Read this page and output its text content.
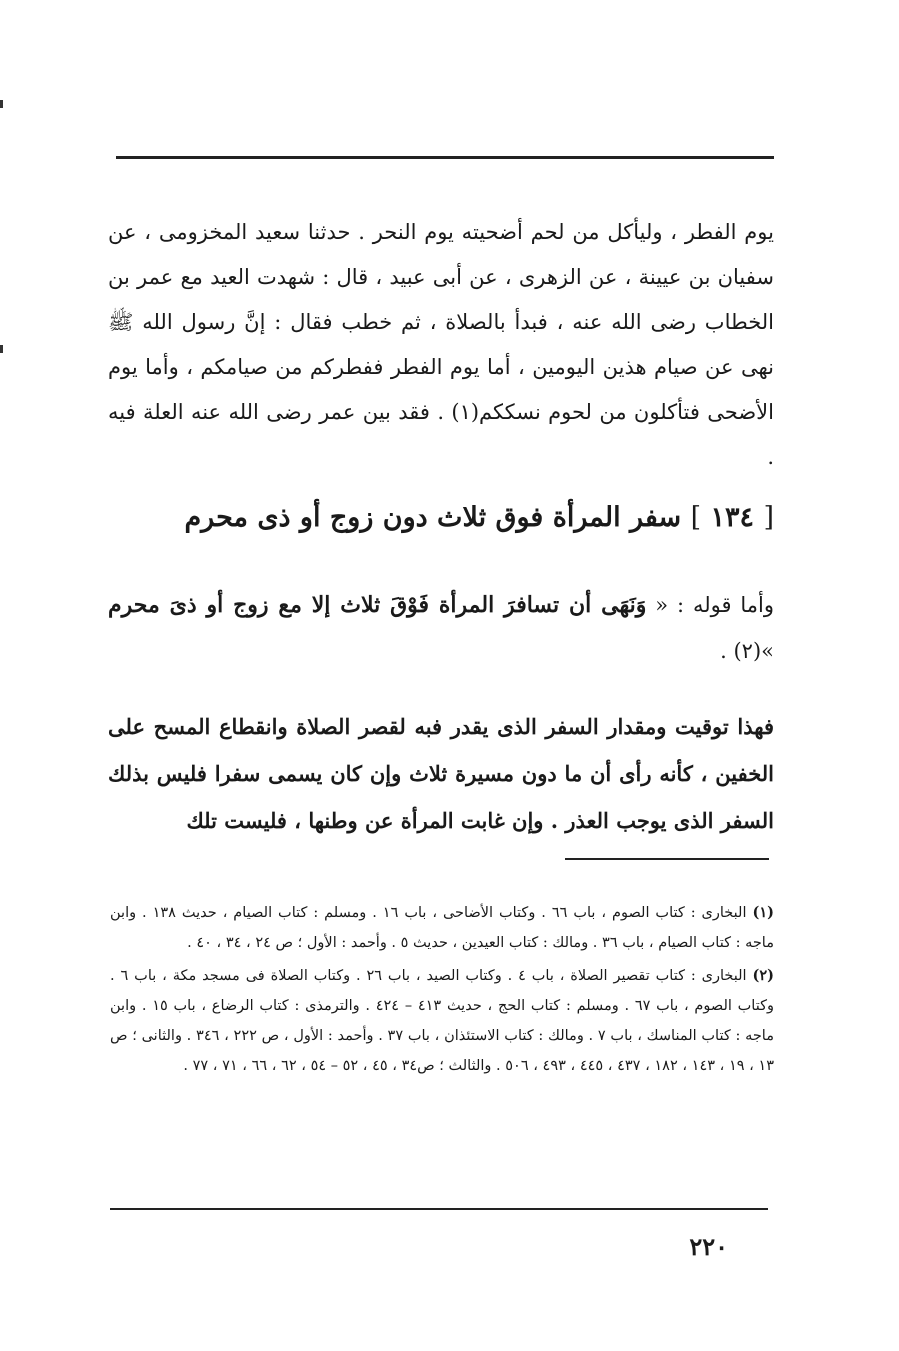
يوم الفطر ، وليأكل من لحم أضحيته يوم النحر . حدثنا سعيد المخزومى ، عن سفيان بن عيينة ، عن الزهرى ، عن أبى عبيد ، قال : شهدت العيد مع عمر بن الخطاب رضى الله عنه ، فبدأ بالصلاة ، ثم خطب فقال : إنَّ رسول الله ﷺ نهى عن صيام هذين اليومين ، أما يوم الفطر ففطركم من صيامكم ، وأما يوم الأضحى فتأكلون من لحوم نسككم(١) . فقد بين عمر رضى الله عنه العلة فيه .

[ ١٣٤ ] سفر المرأة فوق ثلاث دون زوج أو ذى محرم
وأما قوله : « وَنَهَى أن تسافرَ المرأة فَوْقَ ثلاث إلا مع زوج أو ذىَ محرم »(٢) .

فهذا توقيت ومقدار السفر الذى يقدر فبه لقصر الصلاة وانقطاع المسح على الخفين ، كأنه رأى أن ما دون مسيرة ثلاث وإن كان يسمى سفرا فليس بذلك السفر الذى يوجب العذر . وإن غابت المرأة عن وطنها ، فليست تلك

(١) البخارى : كتاب الصوم ، باب ٦٦ . وكتاب الأضاحى ، باب ١٦ . ومسلم : كتاب الصيام ، حديث ١٣٨ . وابن ماجه : كتاب الصيام ، باب ٣٦ . ومالك : كتاب العيدين ، حديث ٥ . وأحمد : الأول ؛ ص ٢٤ ، ٣٤ ، ٤٠ .

(٢) البخارى : كتاب تقصير الصلاة ، باب ٤ . وكتاب الصيد ، باب ٢٦ . وكتاب الصلاة فى مسجد مكة ، باب ٦ . وكتاب الصوم ، باب ٦٧ . ومسلم : كتاب الحج ، حديث ٤١٣ – ٤٢٤ . والترمذى : كتاب الرضاع ، باب ١٥ . وابن ماجه : كتاب المناسك ، باب ٧ . ومالك : كتاب الاستئذان ، باب ٣٧ . وأحمد : الأول ، ص ٢٢٢ ، ٣٤٦ . والثانى ؛ ص ١٣ ، ١٩ ، ١٤٣ ، ١٨٢ ، ٤٣٧ ، ٤٤٥ ، ٤٩٣ ، ٥٠٦ . والثالث ؛ ص٣٤ ، ٤٥ ، ٥٢ – ٥٤ ، ٦٢ ، ٦٦ ، ٧١ ، ٧٧ .

٢٢٠
